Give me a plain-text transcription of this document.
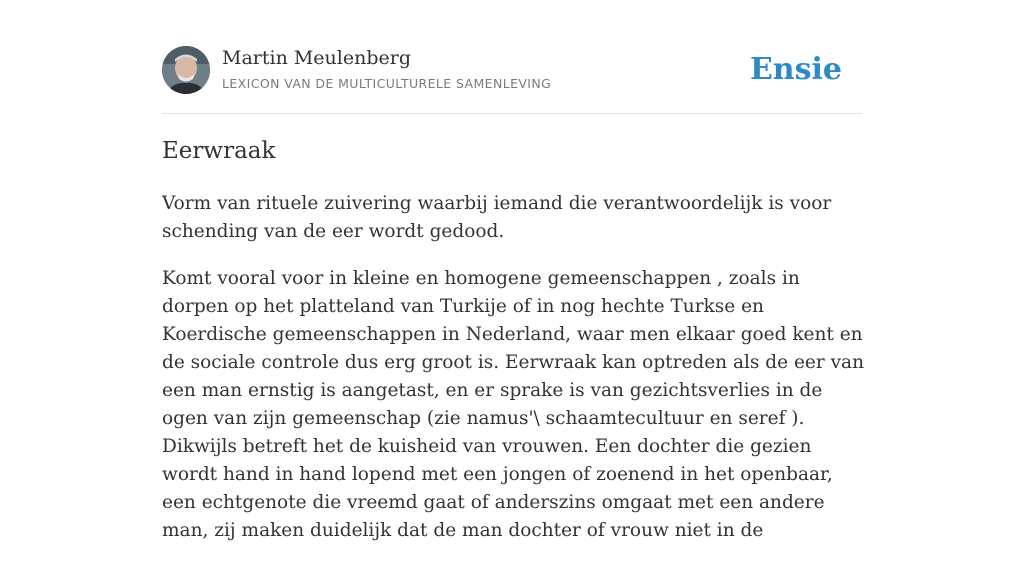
Martin Meulenberg
LEXICON VAN DE MULTICULTURELE SAMENLEVING	Ensie
Eerwraak

Vorm van rituele zuivering waarbij iemand die verantwoordelijk is voor schending van de eer wordt gedood.

Komt vooral voor in kleine en homogene gemeenschappen , zoals in dorpen op het platteland van Turkije of in nog hechte Turkse en Koerdische gemeenschappen in Nederland, waar men elkaar goed kent en de sociale controle dus erg groot is. Eerwraak kan optreden als de eer van een man ernstig is aangetast, en er sprake is van gezichtsverlies in de ogen van zijn gemeenschap (zie namus'\ schaamtecultuur en seref ). Dikwijls betreft het de kuisheid van vrouwen. Een dochter die gezien wordt hand in hand lopend met een jongen of zoenend in het openbaar, een echtgenote die vreemd gaat of anderszins omgaat met een andere man, zij maken duidelijk dat de man dochter of vrouw niet in de
